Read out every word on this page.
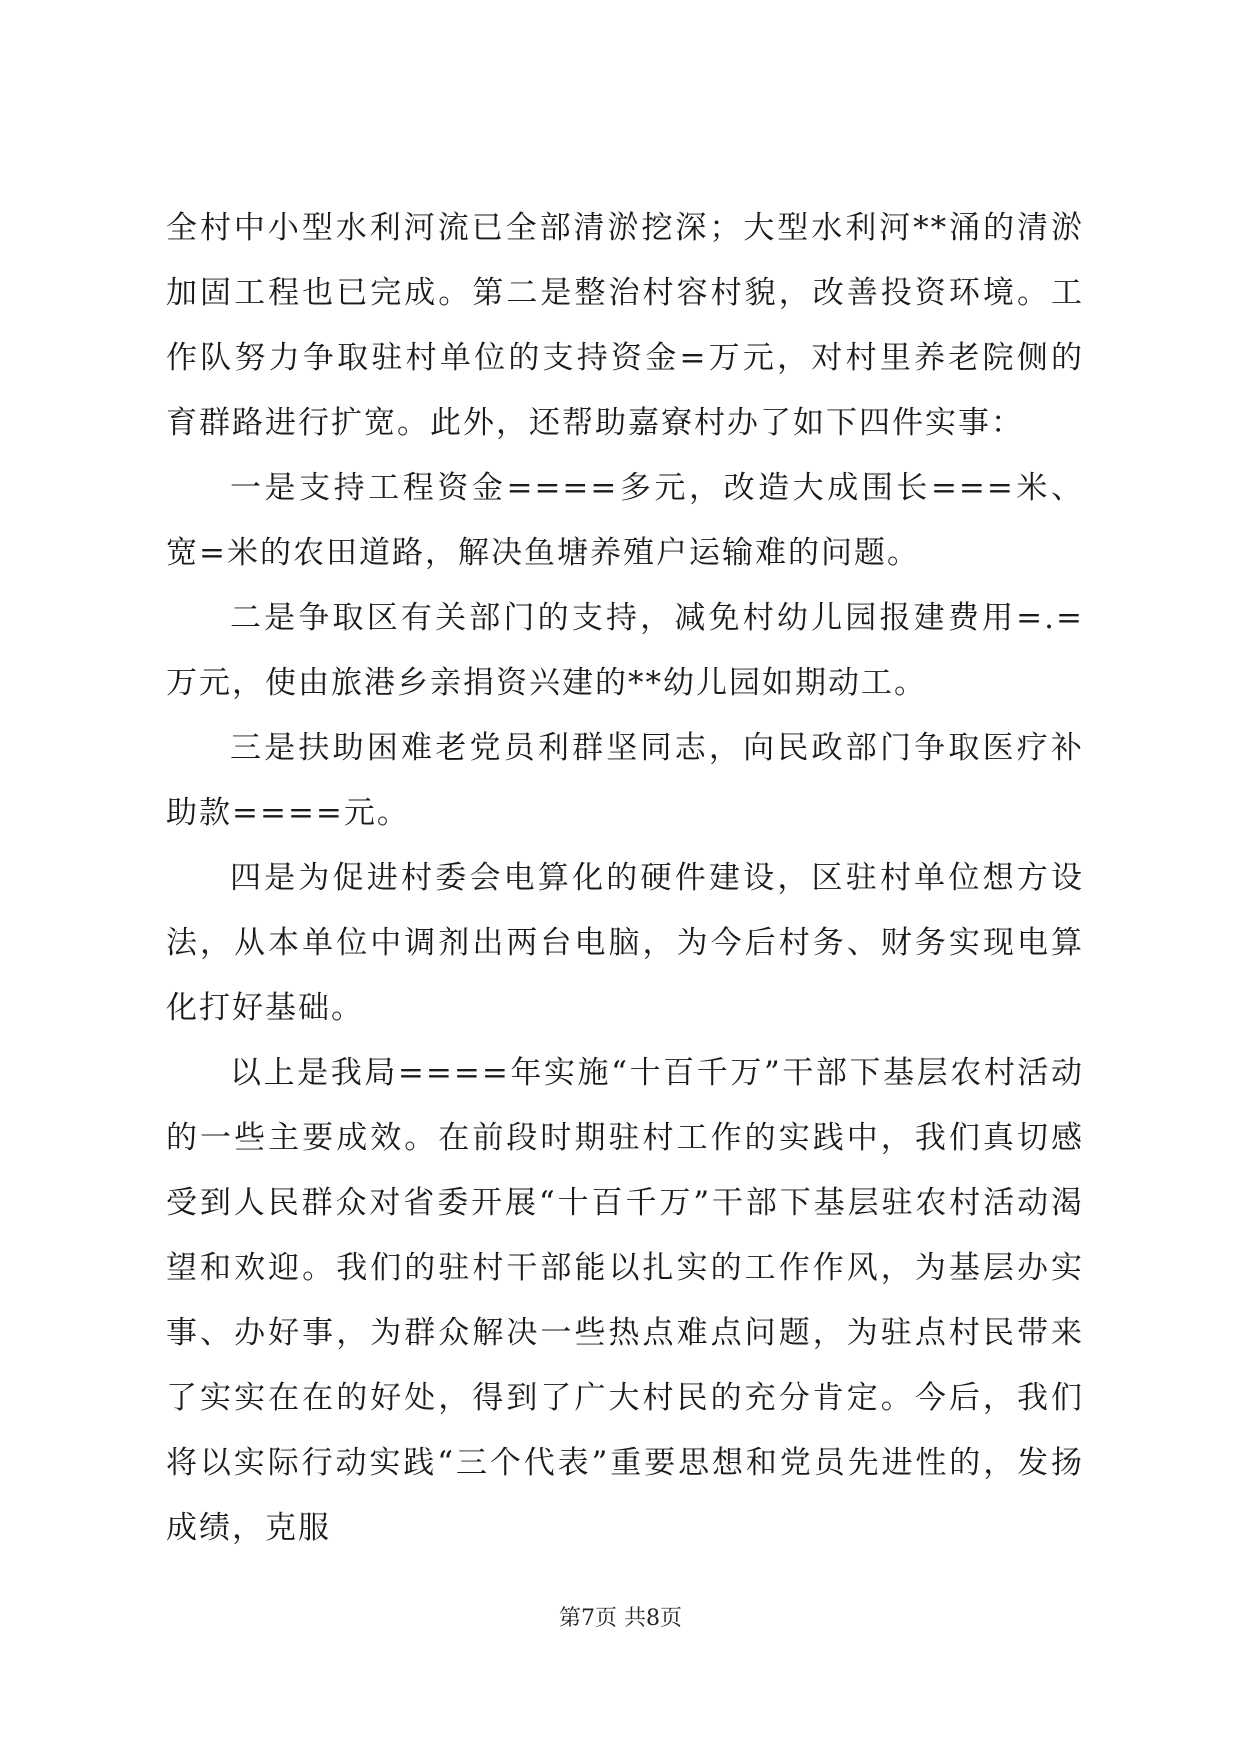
全村中小型水利河流已全部清淤挖深；大型水利河**涌的清淤加固工程也已完成。第二是整治村容村貌，改善投资环境。工作队努力争取驻村单位的支持资金=万元，对村里养老院侧的育群路进行扩宽。此外，还帮助嘉寮村办了如下四件实事：

一是支持工程资金====多元，改造大成围长===米、宽=米的农田道路，解决鱼塘养殖户运输难的问题。

二是争取区有关部门的支持，减免村幼儿园报建费用=.=万元，使由旅港乡亲捐资兴建的**幼儿园如期动工。

三是扶助困难老党员利群坚同志，向民政部门争取医疗补助款====元。

四是为促进村委会电算化的硬件建设，区驻村单位想方设法，从本单位中调剂出两台电脑，为今后村务、财务实现电算化打好基础。

以上是我局====年实施“十百千万”干部下基层农村活动的一些主要成效。在前段时期驻村工作的实践中，我们真切感受到人民群众对省委开展“十百千万”干部下基层驻农村活动渴望和欢迎。我们的驻村干部能以扎实的工作作风，为基层办实事、办好事，为群众解决一些热点难点问题，为驻点村民带来了实实在在的好处，得到了广大村民的充分肯定。今后，我们将以实际行动实践“三个代表”重要思想和党员先进性的，发扬成绩，克服

第7页 共8页
